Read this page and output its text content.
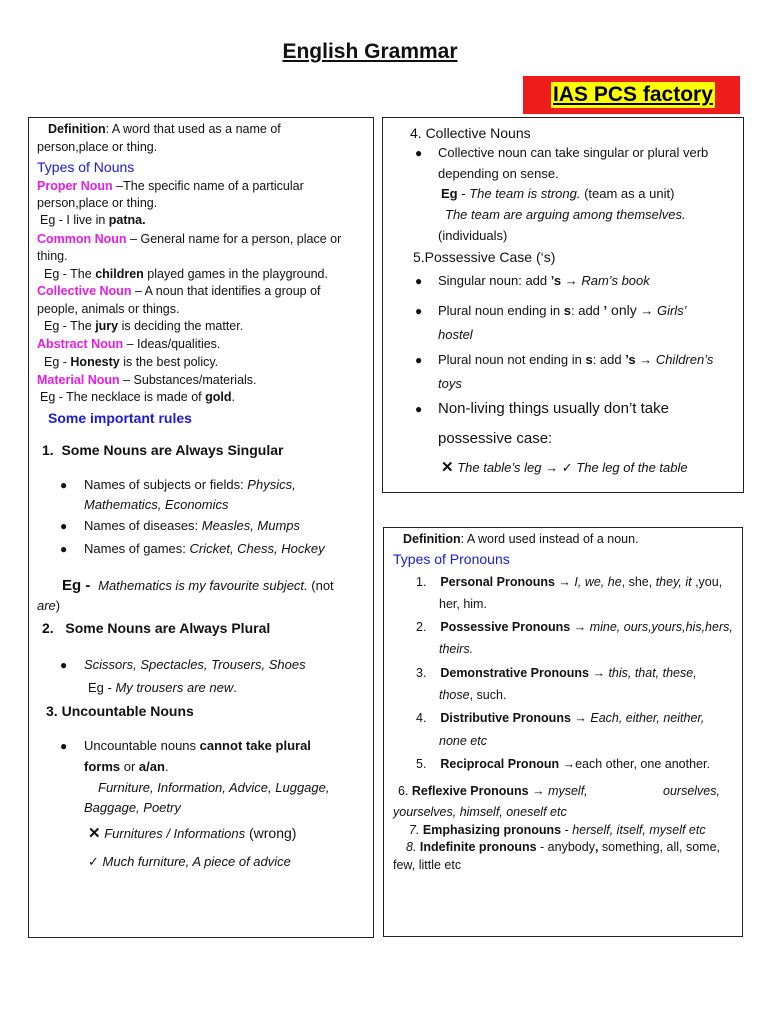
English Grammar
IAS PCS factory
Definition: A word that used as a name of
person,place or thing.
Types of Nouns
Proper Noun –The specific name of a particular
person,place or thing.
Eg - I live in patna.
Common Noun – General name for a person, place or
thing.
Eg - The children played games in the playground.
Collective Noun – A noun that identifies a group of
people, animals or things.
Eg - The jury is deciding the matter.
Abstract Noun – Ideas/qualities.
Eg - Honesty is the best policy.
Material Noun – Substances/materials.
Eg - The necklace is made of gold.
Some important rules
1. Some Nouns are Always Singular
● Names of subjects or fields: Physics,
Mathematics, Economics
● Names of diseases: Measles, Mumps
● Names of games: Cricket, Chess, Hockey
Eg -  Mathematics is my favourite subject. (not
are)
2. Some Nouns are Always Plural
● Scissors, Spectacles, Trousers, Shoes
Eg - My trousers are new.
3. Uncountable Nouns
● Uncountable nouns cannot take plural
forms or a/an.
Furniture, Information, Advice, Luggage,
Baggage, Poetry
✕ Furnitures / Informations (wrong)
✓ Much furniture, A piece of advice
4. Collective Nouns
● Collective noun can take singular or plural verb
depending on sense.
Eg - The team is strong. (team as a unit)
The team are arguing among themselves.
(individuals)
5.Possessive Case (‘s)
● Singular noun: add ’s → Ram’s book
● Plural noun ending in s: add ’ only → Girls’
hostel
● Plural noun not ending in s: add ’s → Children’s
toys
● Non-living things usually don’t take
possessive case:
✕ The table’s leg → ✓ The leg of the table
Definition: A word used instead of a noun.
Types of Pronouns
1. Personal Pronouns → I, we, he, she, they, it ,you,
her, him.
2. Possessive Pronouns → mine, ours,yours,his,hers,
theirs.
3. Demonstrative Pronouns → this, that, these,
those, such.
4. Distributive Pronouns → Each, either, neither,
none etc
5. Reciprocal Pronoun →each other, one another.
6. Reflexive Pronouns → myself,	ourselves,
yourselves, himself, oneself etc
7. Emphasizing pronouns - herself, itself, myself etc
8. Indefinite pronouns - anybody, something, all, some,
few, little etc
